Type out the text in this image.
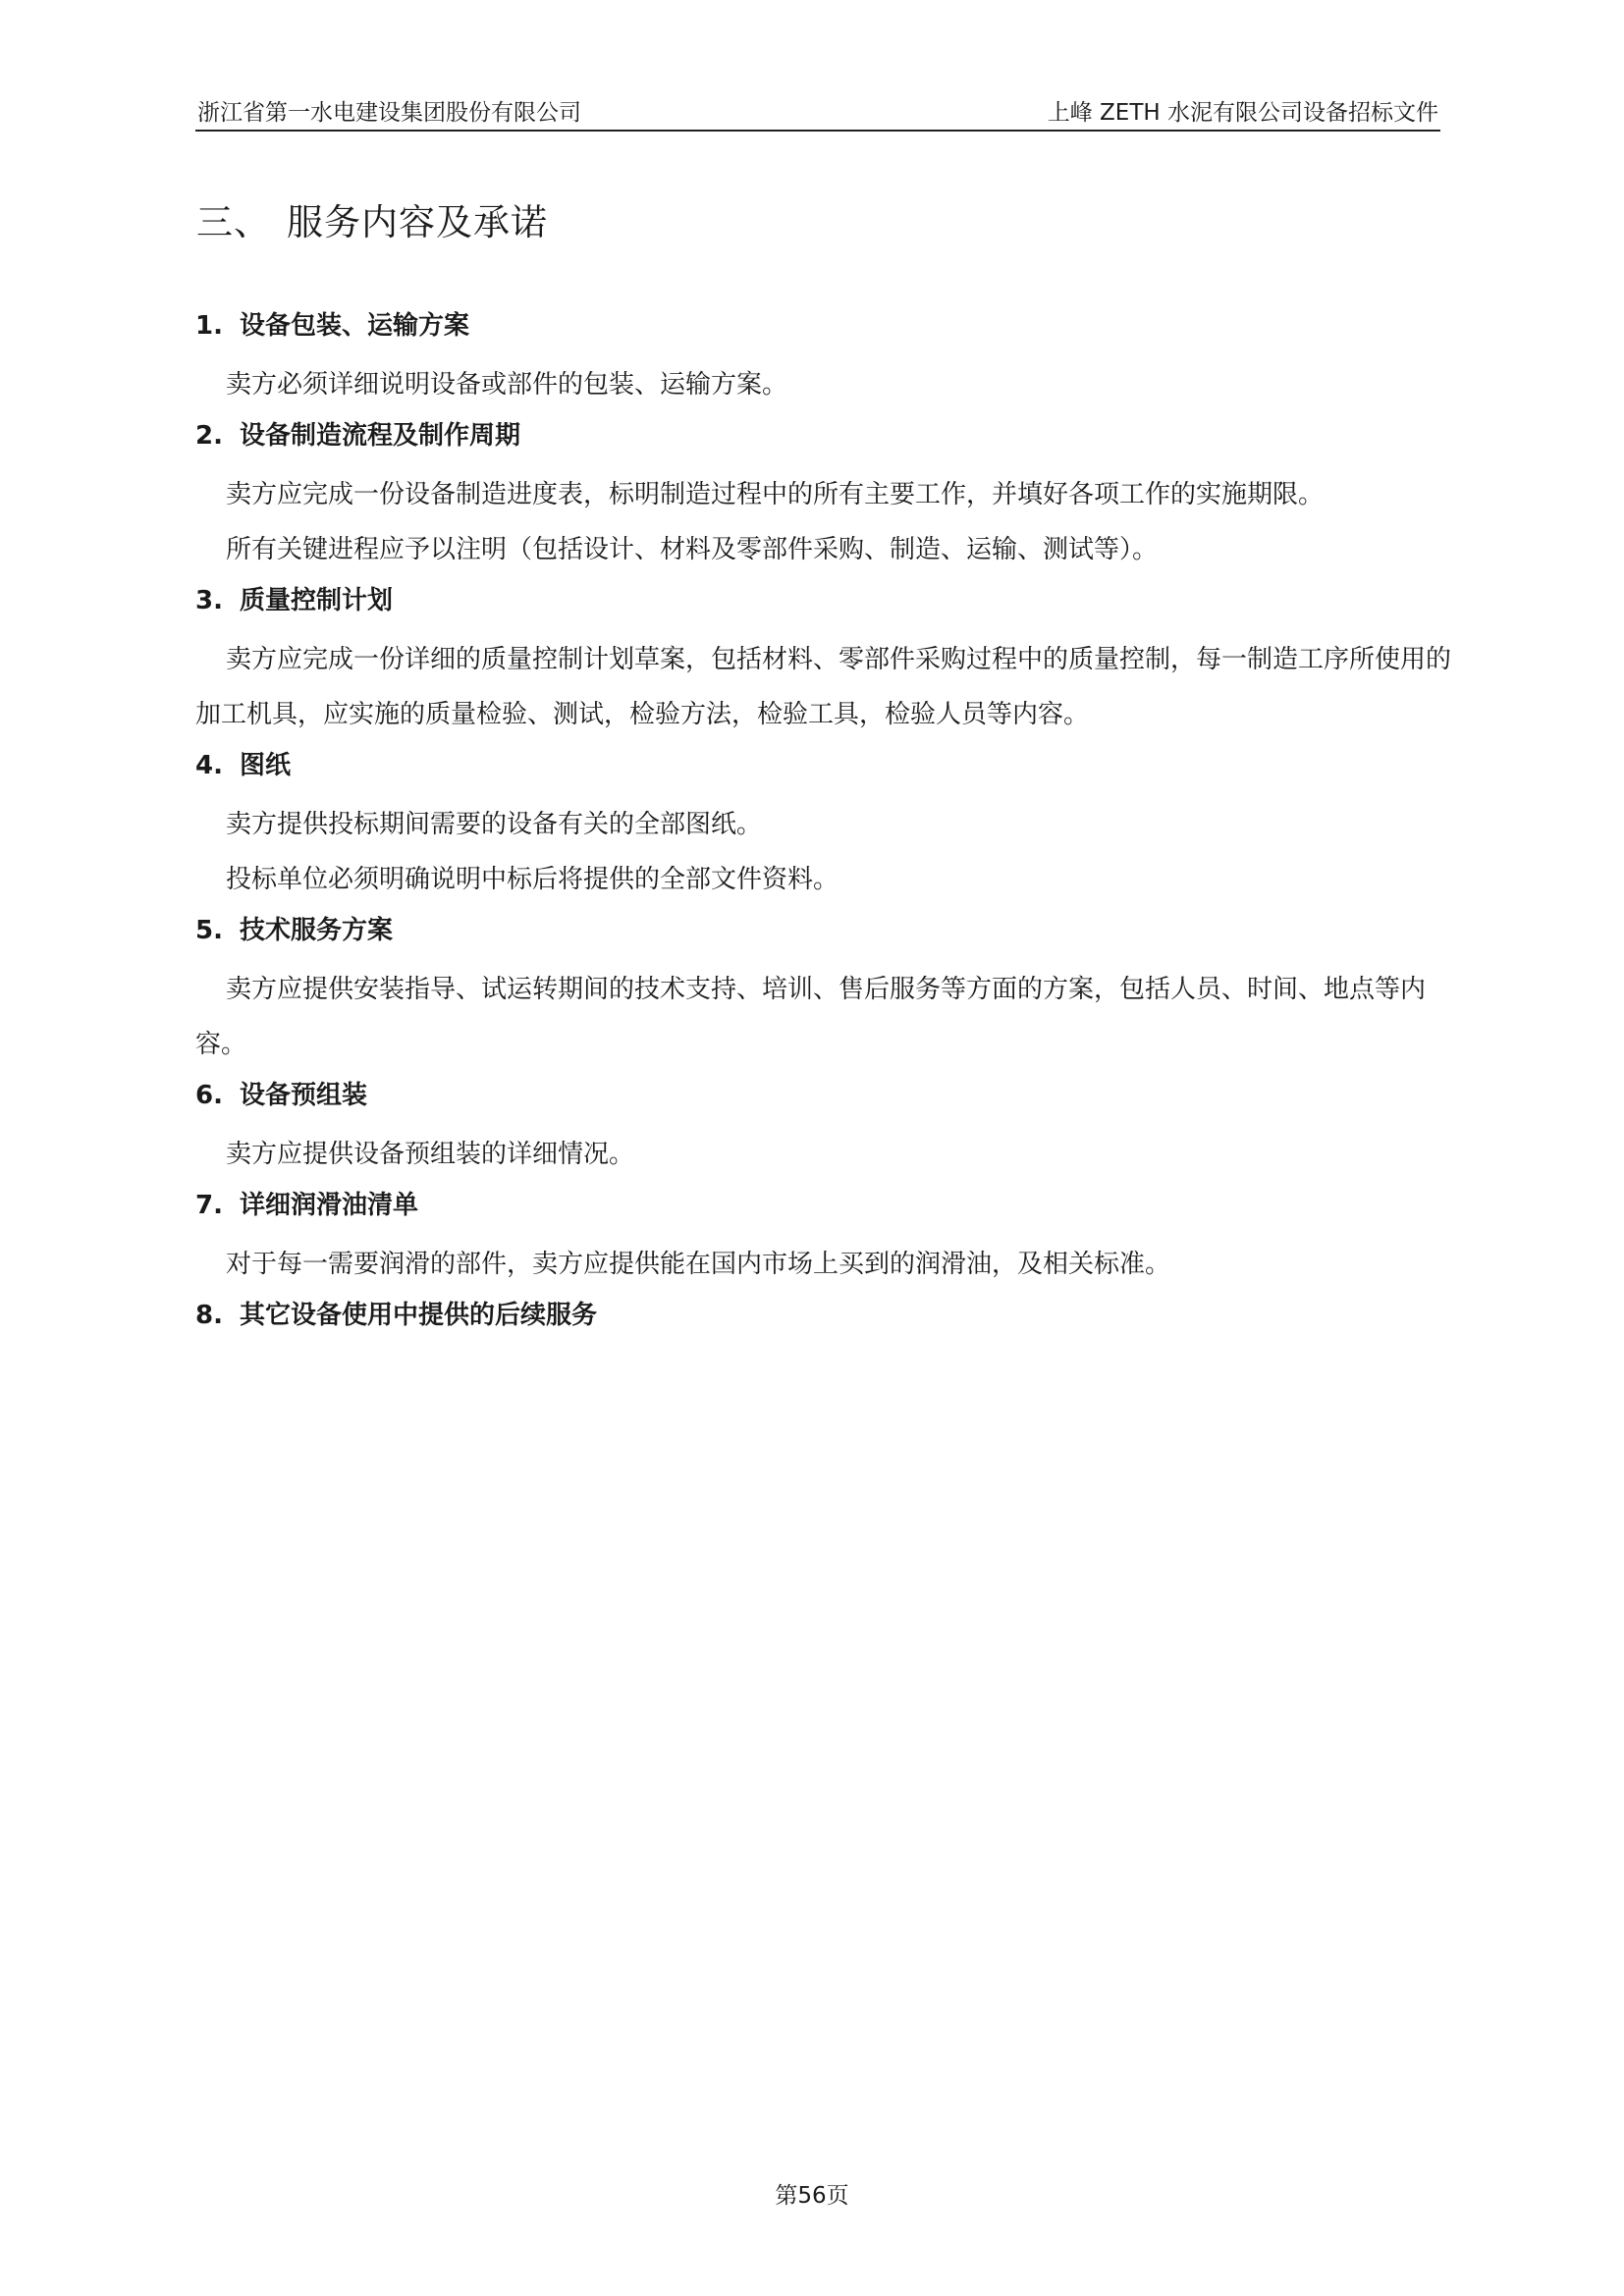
浙江省第一水电建设集团股份有限公司	上峰 ZETH 水泥有限公司设备招标文件
三、 服务内容及承诺
1. 设备包装、运输方案

卖方必须详细说明设备或部件的包装、运输方案。

2. 设备制造流程及制作周期

卖方应完成一份设备制造进度表，标明制造过程中的所有主要工作，并填好各项工作的实施期限。

所有关键进程应予以注明（包括设计、材料及零部件采购、制造、运输、测试等）。

3. 质量控制计划

卖方应完成一份详细的质量控制计划草案，包括材料、零部件采购过程中的质量控制，每一制造工序所使用的加工机具，应实施的质量检验、测试，检验方法，检验工具，检验人员等内容。

4. 图纸

卖方提供投标期间需要的设备有关的全部图纸。

投标单位必须明确说明中标后将提供的全部文件资料。

5. 技术服务方案

卖方应提供安装指导、试运转期间的技术支持、培训、售后服务等方面的方案，包括人员、时间、地点等内容。

6. 设备预组装

卖方应提供设备预组装的详细情况。

7. 详细润滑油清单

对于每一需要润滑的部件，卖方应提供能在国内市场上买到的润滑油，及相关标准。

8. 其它设备使用中提供的后续服务
第56页
